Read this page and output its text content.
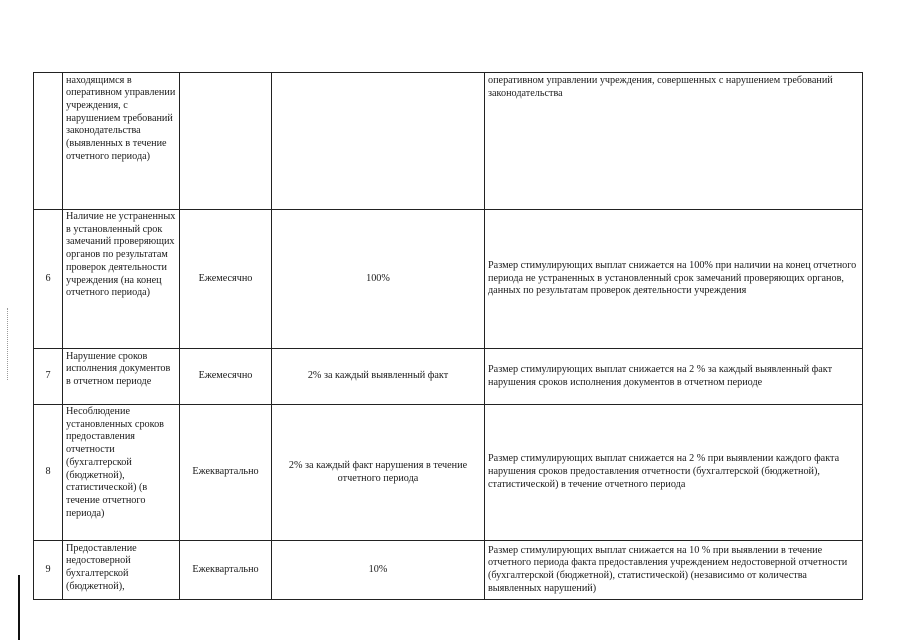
	находящимся в оперативном управлении учреждения, с нарушением требований законодательства (выявленных в течение отчетного периода)			оперативном управлении учреждения, совершенных с нарушением требований законодательства
6	Наличие не устраненных в установленный срок замечаний проверяющих органов по результатам проверок деятельности учреждения (на конец отчетного периода)	Ежемесячно	100%	Размер стимулирующих выплат снижается на 100% при наличии на конец отчетного периода не устраненных в установленный срок замечаний проверяющих органов, данных по результатам проверок деятельности учреждения
7	Нарушение сроков исполнения документов в отчетном периоде	Ежемесячно	2% за каждый выявленный факт	Размер стимулирующих выплат снижается на 2 % за каждый выявленный факт нарушения сроков исполнения документов в отчетном периоде
8	Несоблюдение установленных сроков предоставления отчетности (бухгалтерской (бюджетной), статистической) (в течение отчетного периода)	Ежеквартально	2% за каждый факт нарушения в течение отчетного периода	Размер стимулирующих выплат снижается на 2 % при выявлении каждого факта нарушения сроков предоставления отчетности (бухгалтерской (бюджетной), статистической) в течение отчетного периода
9	Предоставление недостоверной бухгалтерской (бюджетной),	Ежеквартально	10%	Размер стимулирующих выплат снижается на 10 % при выявлении в течение отчетного периода факта предоставления учреждением недостоверной отчетности (бухгалтерской (бюджетной), статистической) (независимо от количества выявленных нарушений)
